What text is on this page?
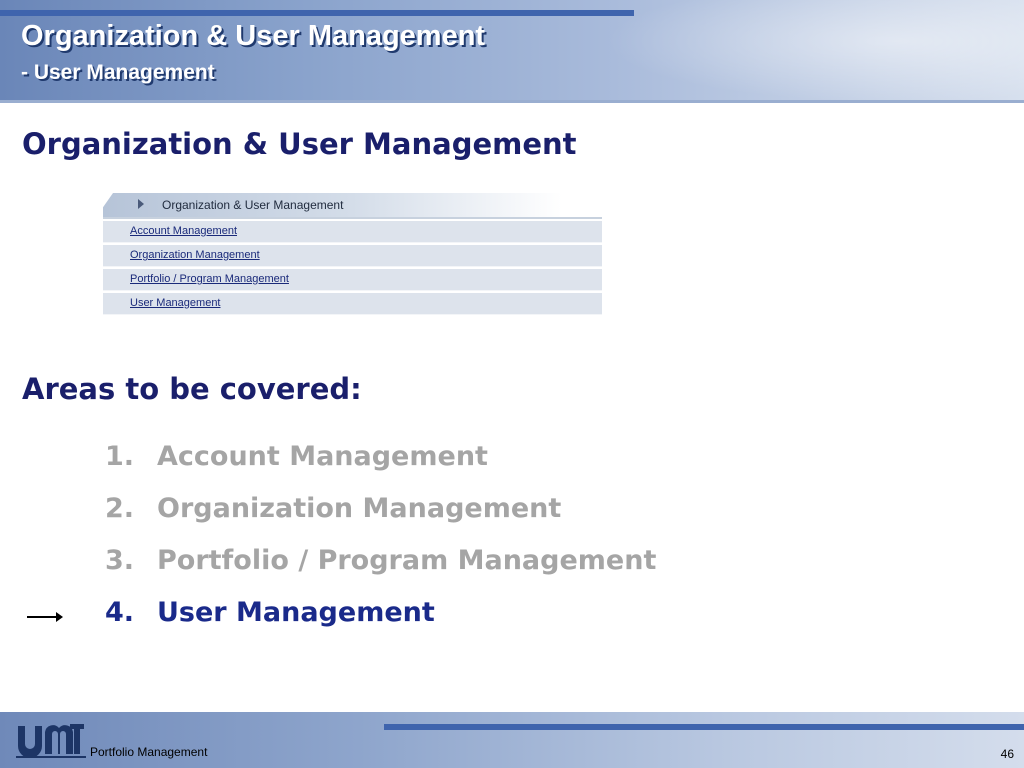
Organization & User Management
- User Management
Organization & User Management
Organization & User Management
Account Management
Organization Management
Portfolio / Program Management
User Management
Areas to be covered:
1. Account Management
2. Organization Management
3. Portfolio / Program Management
4. User Management
Portfolio Management	46
